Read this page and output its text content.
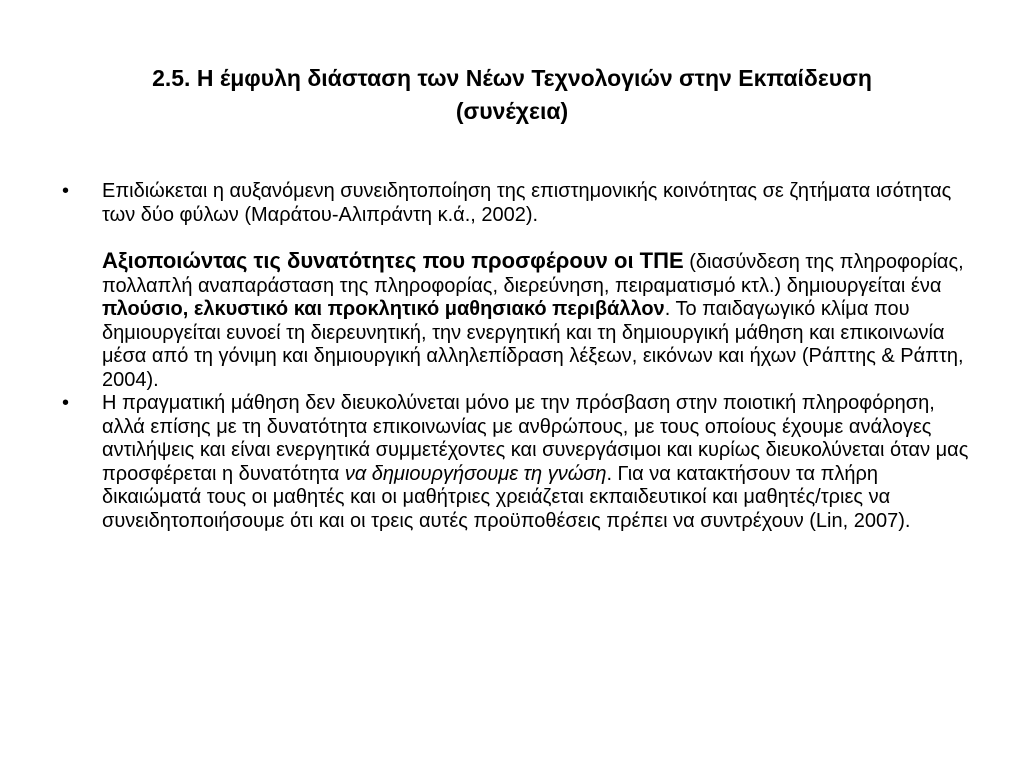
2.5. Η έμφυλη διάσταση των Νέων Τεχνολογιών στην Εκπαίδευση
(συνέχεια)

•	Επιδιώκεται η αυξανόμενη συνειδητοποίηση της επιστημονικής κοινότητας σε ζητήματα ισότητας των δύο φύλων (Μαράτου-Αλιπράντη κ.ά., 2002).

Αξιοποιώντας τις δυνατότητες που προσφέρουν οι ΤΠΕ (διασύνδεση της πληροφορίας, πολλαπλή αναπαράσταση της πληροφορίας, διερεύνηση, πειραματισμό κτλ.) δημιουργείται ένα πλούσιο, ελκυστικό και προκλητικό μαθησιακό περιβάλλον. Το παιδαγωγικό κλίμα που δημιουργείται ευνοεί τη διερευνητική, την ενεργητική και τη δημιουργική μάθηση και επικοινωνία μέσα από τη γόνιμη και δημιουργική αλληλεπίδραση λέξεων, εικόνων και ήχων (Ράπτης & Ράπτη, 2004).

•	Η πραγματική μάθηση δεν διευκολύνεται μόνο με την πρόσβαση στην ποιοτική πληροφόρηση, αλλά επίσης με τη δυνατότητα επικοινωνίας με ανθρώπους, με τους οποίους έχουμε ανάλογες αντιλήψεις και είναι ενεργητικά συμμετέχοντες και συνεργάσιμοι και κυρίως διευκολύνεται όταν μας προσφέρεται η δυνατότητα να δημιουργήσουμε τη γνώση. Για να κατακτήσουν τα πλήρη δικαιώματά τους οι μαθητές και οι μαθήτριες χρειάζεται εκπαιδευτικοί και μαθητές/τριες να συνειδητοποιήσουμε ότι και οι τρεις αυτές προϋποθέσεις πρέπει να συντρέχουν (Lin, 2007).
